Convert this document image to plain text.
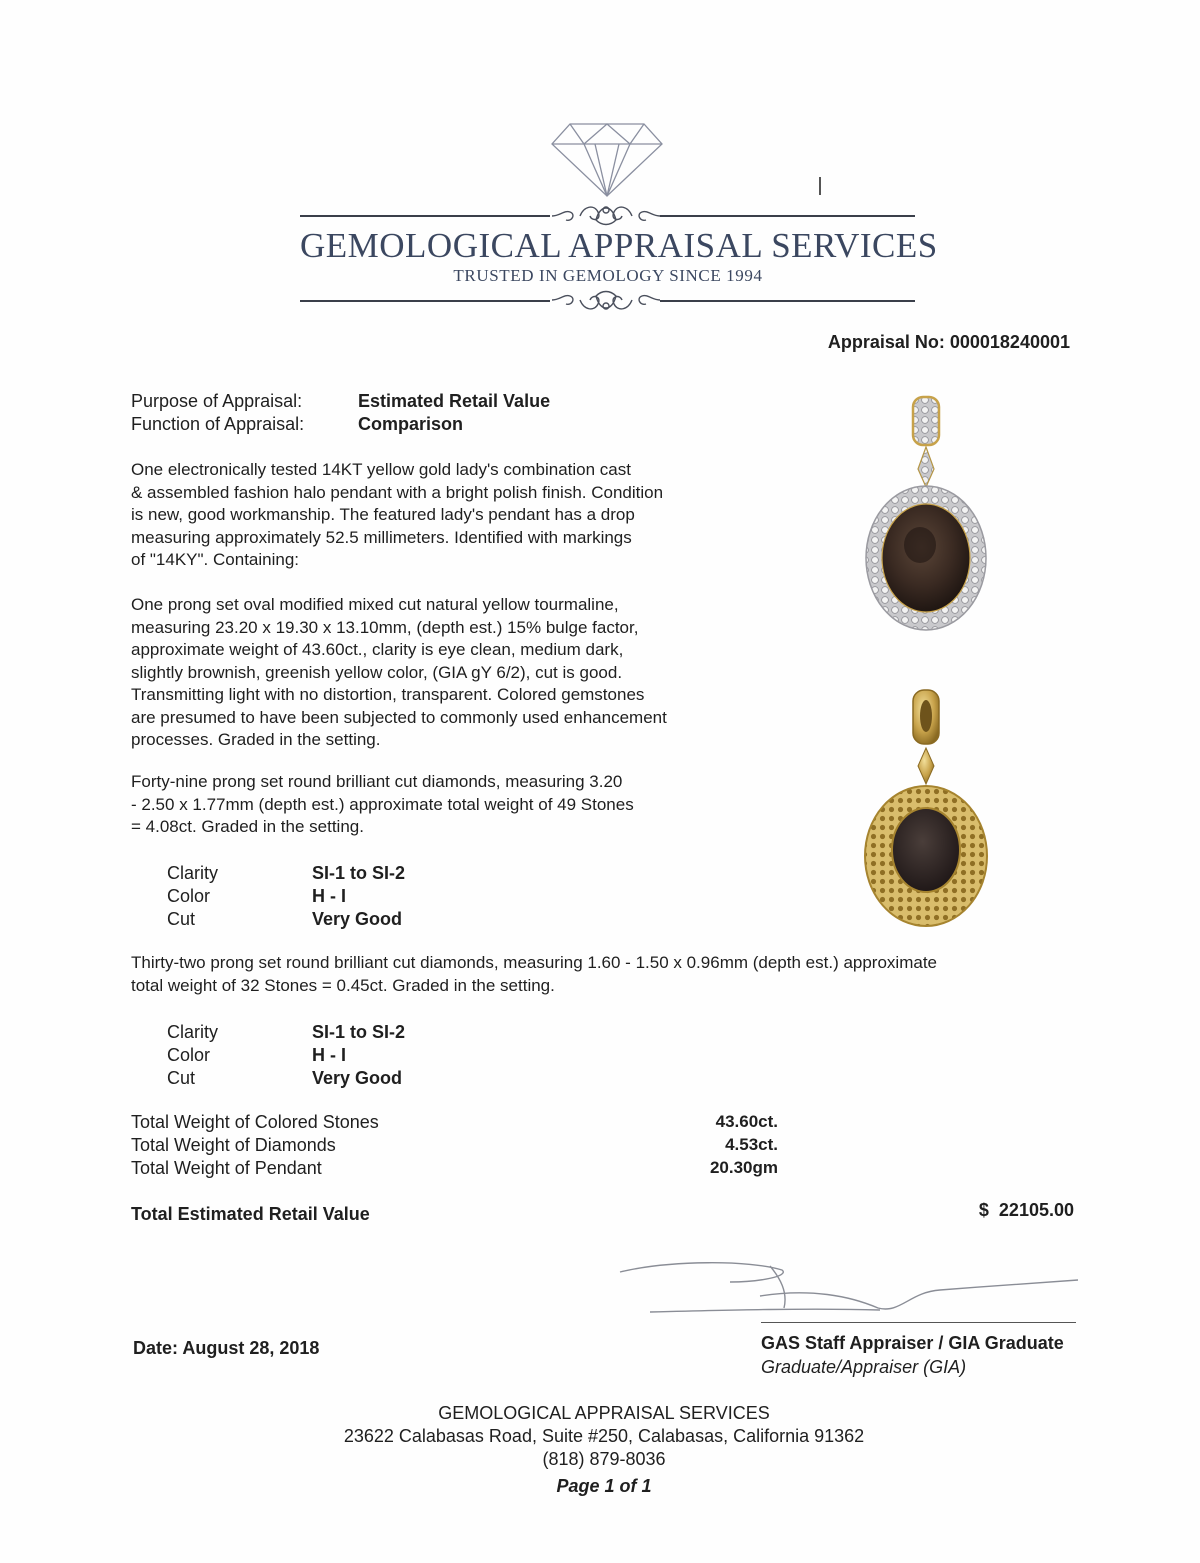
GEMOLOGICAL APPRAISAL SERVICES
TRUSTED IN GEMOLOGY SINCE 1994
Appraisal No: 000018240001
Purpose of Appraisal:	Estimated Retail Value
Function of Appraisal:	Comparison
One electronically tested 14KT yellow gold lady's combination cast
& assembled fashion halo pendant with a bright polish finish. Condition
is new, good workmanship. The featured lady's pendant has a drop
measuring approximately 52.5 millimeters. Identified with markings
of "14KY". Containing:
One prong set oval modified mixed cut natural yellow tourmaline,
measuring 23.20 x 19.30 x 13.10mm, (depth est.) 15% bulge factor,
approximate weight of 43.60ct., clarity is eye clean, medium dark,
slightly brownish, greenish yellow color, (GIA gY 6/2), cut is good.
Transmitting light with no distortion, transparent. Colored gemstones
are presumed to have been subjected to commonly used enhancement
processes. Graded in the setting.
Forty-nine prong set round brilliant cut diamonds, measuring 3.20
- 2.50 x 1.77mm (depth est.) approximate total weight of 49 Stones
= 4.08ct. Graded in the setting.
Clarity	SI-1 to SI-2
Color	H - I
Cut	Very Good
Thirty-two prong set round brilliant cut diamonds, measuring 1.60 - 1.50 x 0.96mm (depth est.) approximate
total weight of 32 Stones = 0.45ct. Graded in the setting.
Clarity	SI-1 to SI-2
Color	H - I
Cut	Very Good
Total Weight of Colored Stones	43.60ct.
Total Weight of Diamonds	4.53ct.
Total Weight of Pendant	20.30gm
Total Estimated Retail Value	$  22105.00
Date: August 28, 2018	GAS Staff Appraiser / GIA Graduate
Graduate/Appraiser (GIA)
GEMOLOGICAL APPRAISAL SERVICES
23622 Calabasas Road, Suite #250, Calabasas, California 91362
(818) 879-8036
Page 1 of 1
